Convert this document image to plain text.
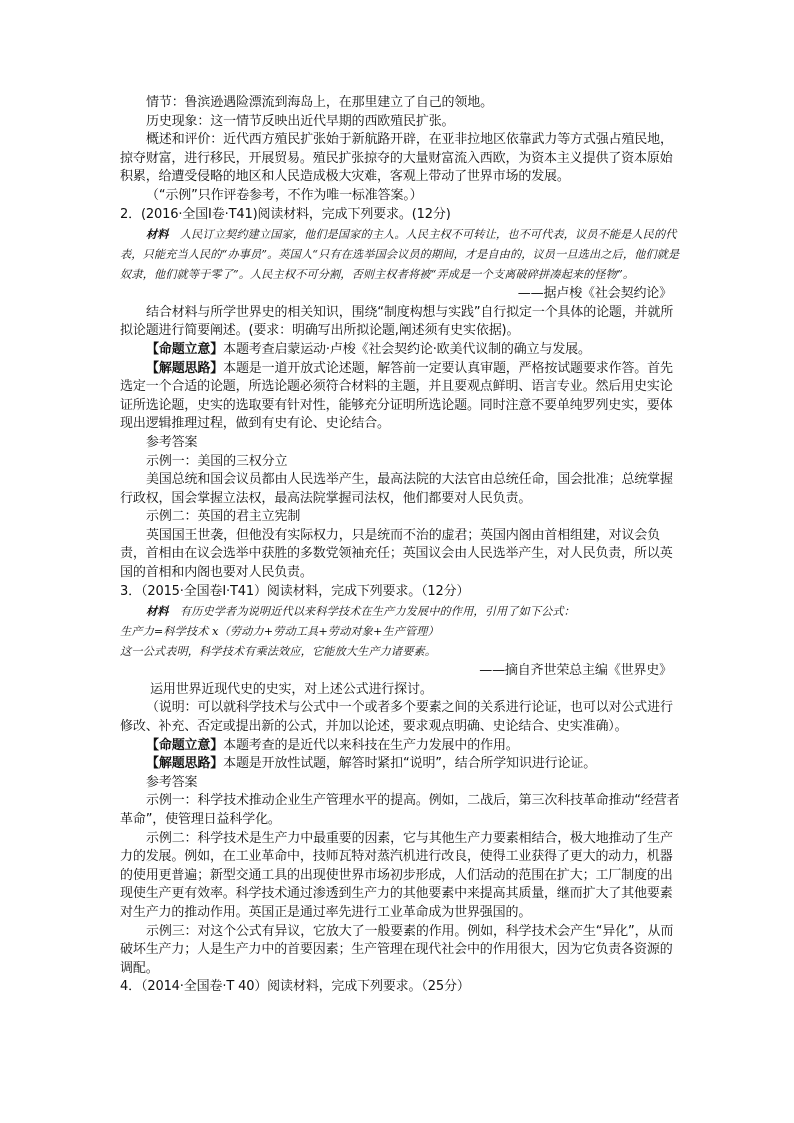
情节：鲁滨逊遇险漂流到海岛上，在那里建立了自己的领地。

历史现象：这一情节反映出近代早期的西欧殖民扩张。

概述和评价：近代西方殖民扩张始于新航路开辟，在亚非拉地区依靠武力等方式强占殖民地，掠夺财富，进行移民，开展贸易。殖民扩张掠夺的大量财富流入西欧，为资本主义提供了资本原始积累，给遭受侵略的地区和人民造成极大灾难，客观上带动了世界市场的发展。

（“示例”只作评卷参考，不作为唯一标准答案。）

2．(2016·全国Ⅰ卷·T41)阅读材料，完成下列要求。(12分)

材料  人民订立契约建立国家，他们是国家的主人。人民主权不可转让，也不可代表，议员不能是人民的代表，只能充当人民的“办事员”。英国人“只有在选举国会议员的期间，才是自由的，议员一旦选出之后，他们就是奴隶，他们就等于零了”。人民主权不可分割，否则主权者将被“弄成是一个支离破碎拼凑起来的怪物”。

——据卢梭《社会契约论》

结合材料与所学世界史的相关知识，围绕“制度构想与实践”自行拟定一个具体的论题，并就所拟论题进行简要阐述。(要求：明确写出所拟论题,阐述须有史实依据)。

【命题立意】本题考查启蒙运动·卢梭《社会契约论·欧美代议制的确立与发展。

【解题思路】本题是一道开放式论述题，解答前一定要认真审题，严格按试题要求作答。首先选定一个合适的论题，所选论题必须符合材料的主题，并且要观点鲜明、语言专业。然后用史实论证所选论题，史实的选取要有针对性，能够充分证明所选论题。同时注意不要单纯罗列史实，要体现出逻辑推理过程，做到有史有论、史论结合。

参考答案

示例一：美国的三权分立

美国总统和国会议员都由人民选举产生，最高法院的大法官由总统任命，国会批准；总统掌握行政权，国会掌握立法权，最高法院掌握司法权，他们都要对人民负责。

示例二：英国的君主立宪制

英国国王世袭，但他没有实际权力，只是统而不治的虚君；英国内阁由首相组建，对议会负责，首相由在议会选举中获胜的多数党领袖充任；英国议会由人民选举产生，对人民负责，所以英国的首相和内阁也要对人民负责。

3．（2015·全国卷Ⅰ·T41）阅读材料，完成下列要求。（12分）

材料  有历史学者为说明近代以来科学技术在生产力发展中的作用，引用了如下公式：

生产力=科学技术 x（劳动力+劳动工具+劳动对象+生产管理）

这一公式表明，科学技术有乘法效应，它能放大生产力诸要素。

——摘自齐世荣总主编《世界史》

运用世界近现代史的史实，对上述公式进行探讨。

（说明：可以就科学技术与公式中一个或者多个要素之间的关系进行论证，也可以对公式进行修改、补充、否定或提出新的公式，并加以论述，要求观点明确、史论结合、史实准确）。

【命题立意】本题考查的是近代以来科技在生产力发展中的作用。

【解题思路】本题是开放性试题，解答时紧扣“说明”，结合所学知识进行论证。

参考答案

示例一：科学技术推动企业生产管理水平的提高。例如，二战后，第三次科技革命推动“经营者革命”，使管理日益科学化。

示例二：科学技术是生产力中最重要的因素，它与其他生产力要素相结合，极大地推动了生产力的发展。例如，在工业革命中，技师瓦特对蒸汽机进行改良，使得工业获得了更大的动力，机器的使用更普遍；新型交通工具的出现使世界市场初步形成，人们活动的范围在扩大；工厂制度的出现使生产更有效率。科学技术通过渗透到生产力的其他要素中来提高其质量，继而扩大了其他要素对生产力的推动作用。英国正是通过率先进行工业革命成为世界强国的。

示例三：对这个公式有异议，它放大了一般要素的作用。例如，科学技术会产生“异化”，从而破坏生产力；人是生产力中的首要因素；生产管理在现代社会中的作用很大，因为它负责各资源的调配。

4．（2014·全国卷·T 40）阅读材料，完成下列要求。（25分）
